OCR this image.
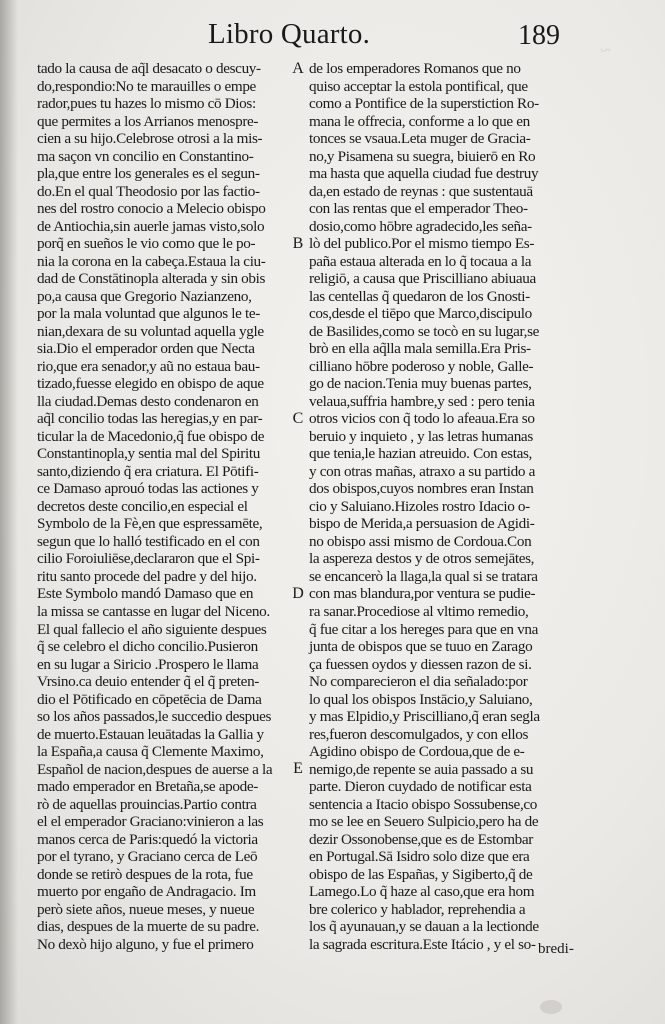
~
Libro Quarto.	189
tado la causa de aq̃l desacato o descuy-
do,respondio:No te marauilles o empe
rador,pues tu hazes lo mismo cō Dios:
que permites a los Arrianos menospre-
cien a su hijo.Celebrose otrosi a la mis-
ma saçon vn concilio en Constantino-
pla,que entre los generales es el segun-
do.En el qual Theodosio por las factio-
nes del rostro conocio a Melecio obispo
de Antiochia,sin auerle jamas visto,solo
porq̃ en sueños le vio como que le po-
nia la corona en la cabeça.Estaua la ciu-
dad de Constātinopla alterada y sin obis
po,a causa que Gregorio Nazianzeno,
por la mala voluntad que algunos le te-
nian,dexara de su voluntad aquella ygle
sia.Dio el emperador orden que Necta
rio,que era senador,y aũ no estaua bau-
tizado,fuesse elegido en obispo de aque
lla ciudad.Demas desto condenaron en
aq̃l concilio todas las heregias,y en par-
ticular la de Macedonio,q̃ fue obispo de
Constantinopla,y sentia mal del Spiritu
santo,diziendo q̃ era criatura. El Pōtifi-
ce Damaso aprouó todas las actiones y
decretos deste concilio,en especial el
Symbolo de la Fè,en que espressamēte,
segun que lo halló testificado en el con
cilio Foroiuliēse,declararon que el Spi-
ritu santo procede del padre y del hijo.
Este Symbolo mandó Damaso que en
la missa se cantasse en lugar del Niceno.
El qual fallecio el año siguiente despues
q̃ se celebro el dicho concilio.Pusieron
en su lugar a Siricio .Prospero le llama
Vrsino.ca deuio entender q̃ el q̃ preten-
dio el Pōtificado en cōpetēcia de Dama
so los años passados,le succedio despues
de muerto.Estauan leuātadas la Gallia y
la España,a causa q̃ Clemente Maximo,
Español de nacion,despues de auerse a la
mado emperador en Bretaña,se apode-
rò de aquellas prouincias.Partio contra
el el emperador Graciano:vinieron a las
manos cerca de Paris:quedó la victoria
por el tyrano, y Graciano cerca de Leō
donde se retirò despues de la rota, fue
muerto por engaño de Andragacio. Im
però siete años, nueue meses, y nueue
dias, despues de la muerte de su padre.
No dexò hijo alguno, y fue el primero
A
B
C
D
E
de los emperadores Romanos que no
quiso acceptar la estola pontifical, que
como a Pontifice de la superstiction Ro-
mana le offrecia, conforme a lo que en
tonces se vsaua.Leta muger de Gracia-
no,y Pisamena su suegra, biuierō en Ro
ma hasta que aquella ciudad fue destruy
da,en estado de reynas : que sustentauā
con las rentas que el emperador Theo-
dosio,como hōbre agradecido,les seña-
lò del publico.Por el mismo tiempo Es-
paña estaua alterada en lo q̃ tocaua a la
religiō, a causa que Priscilliano abiuaua
las centellas q̃ quedaron de los Gnosti-
cos,desde el tiēpo que Marco,discipulo
de Basilides,como se tocò en su lugar,se
brò en ella aq̃lla mala semilla.Era Pris-
cilliano hōbre poderoso y noble, Galle-
go de nacion.Tenia muy buenas partes,
velaua,suffria hambre,y sed : pero tenia
otros vicios con q̃ todo lo afeaua.Era so
beruio y inquieto , y las letras humanas
que tenia,le hazian atreuido. Con estas,
y con otras mañas, atraxo a su partido a
dos obispos,cuyos nombres eran Instan
cio y Saluiano.Hizoles rostro Idacio o-
bispo de Merida,a persuasion de Agidi-
no obispo assi mismo de Cordoua.Con
la aspereza destos y de otros semejātes,
se encancerò la llaga,la qual si se tratara
con mas blandura,por ventura se pudie-
ra sanar.Procediose al vltimo remedio,
q̃ fue citar a los hereges para que en vna
junta de obispos que se tuuo en Zarago
ça fuessen oydos y diessen razon de si.
No comparecieron el dia señalado:por
lo qual los obispos Instācio,y Saluiano,
y mas Elpidio,y Priscilliano,q̃ eran segla
res,fueron descomulgados, y con ellos
Agidino obispo de Cordoua,que de e-
nemigo,de repente se auia passado a su
parte. Dieron cuydado de notificar esta
sentencia a Itacio obispo Sossubense,co
mo se lee en Seuero Sulpicio,pero ha de
dezir Ossonobense,que es de Estombar
en Portugal.Sā Isidro solo dize que era
obispo de las Españas, y Sigiberto,q̃ de
Lamego.Lo q̃ haze al caso,que era hom
bre colerico y hablador, reprehendia a
los q̃ ayunauan,y se dauan a la lectionde
la sagrada escritura.Este Itácio , y el so- bredi-
